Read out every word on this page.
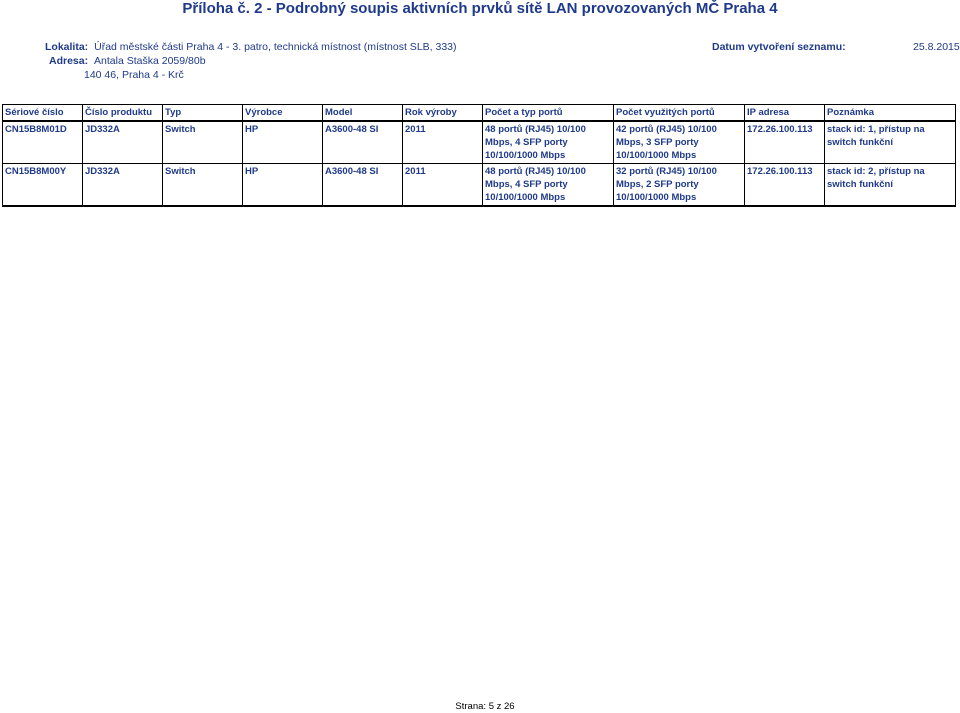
Příloha č. 2 - Podrobný soupis aktivních prvků sítě LAN provozovaných MČ Praha 4
Lokalita: Úřad městské části Praha 4 - 3. patro, technická místnost (místnost SLB, 333)
Adresa: Antala Staška 2059/80b
140 46, Praha 4 - Krč
Datum vytvoření seznamu:	25.8.2015
Sériové číslo	Číslo produktu	Typ	Výrobce	Model	Rok výroby	Počet a typ portů	Počet využitých portů	IP adresa	Poznámka
CN15B8M01D	JD332A	Switch	HP	A3600-48 SI	2011	48 portů (RJ45) 10/100 Mbps, 4 SFP porty 10/100/1000 Mbps	42 portů (RJ45) 10/100 Mbps, 3 SFP porty 10/100/1000 Mbps	172.26.100.113	stack id: 1, přístup na switch funkční
CN15B8M00Y	JD332A	Switch	HP	A3600-48 SI	2011	48 portů (RJ45) 10/100 Mbps, 4 SFP porty 10/100/1000 Mbps	32 portů (RJ45) 10/100 Mbps, 2 SFP porty 10/100/1000 Mbps	172.26.100.113	stack id: 2, přístup na switch funkční
Strana: 5 z 26
